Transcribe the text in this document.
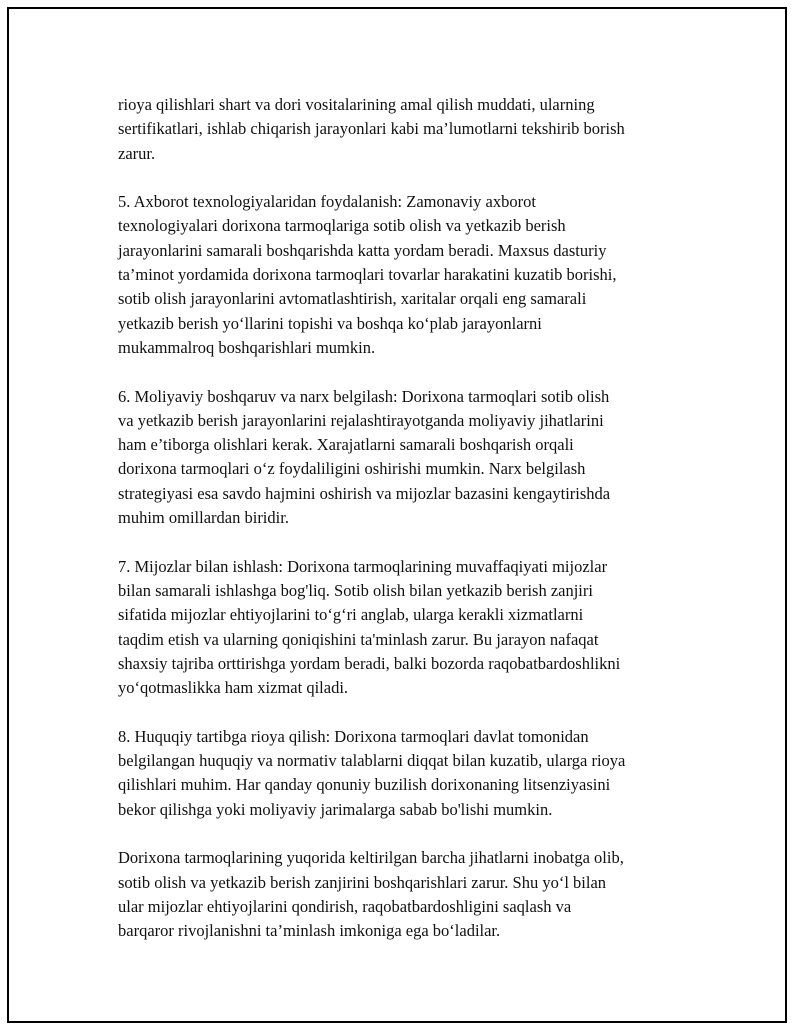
rioya qilishlari shart va dori vositalarining amal qilish muddati, ularning
sertifikatlari, ishlab chiqarish jarayonlari kabi ma’lumotlarni tekshirib borish
zarur.

5. Axborot texnologiyalaridan foydalanish: Zamonaviy axborot
texnologiyalari dorixona tarmoqlariga sotib olish va yetkazib berish
jarayonlarini samarali boshqarishda katta yordam beradi. Maxsus dasturiy
ta’minot yordamida dorixona tarmoqlari tovarlar harakatini kuzatib borishi,
sotib olish jarayonlarini avtomatlashtirish, xaritalar orqali eng samarali
yetkazib berish yoʻllarini topishi va boshqa koʻplab jarayonlarni
mukammalroq boshqarishlari mumkin.

6. Moliyaviy boshqaruv va narx belgilash: Dorixona tarmoqlari sotib olish
va yetkazib berish jarayonlarini rejalashtirayotganda moliyaviy jihatlarini
ham e’tiborga olishlari kerak. Xarajatlarni samarali boshqarish orqali
dorixona tarmoqlari oʻz foydaliligini oshirishi mumkin. Narx belgilash
strategiyasi esa savdo hajmini oshirish va mijozlar bazasini kengaytirishda
muhim omillardan biridir.

7. Mijozlar bilan ishlash: Dorixona tarmoqlarining muvaffaqiyati mijozlar
bilan samarali ishlashga bog'liq. Sotib olish bilan yetkazib berish zanjiri
sifatida mijozlar ehtiyojlarini toʻgʻri anglab, ularga kerakli xizmatlarni
taqdim etish va ularning qoniqishini ta'minlash zarur. Bu jarayon nafaqat
shaxsiy tajriba orttirishga yordam beradi, balki bozorda raqobatbardoshlikni
yoʻqotmaslikka ham xizmat qiladi.

8. Huquqiy tartibga rioya qilish: Dorixona tarmoqlari davlat tomonidan
belgilangan huquqiy va normativ talablarni diqqat bilan kuzatib, ularga rioya
qilishlari muhim. Har qanday qonuniy buzilish dorixonaning litsenziyasini
bekor qilishga yoki moliyaviy jarimalarga sabab bo'lishi mumkin.

Dorixona tarmoqlarining yuqorida keltirilgan barcha jihatlarni inobatga olib,
sotib olish va yetkazib berish zanjirini boshqarishlari zarur. Shu yoʻl bilan
ular mijozlar ehtiyojlarini qondirish, raqobatbardoshligini saqlash va
barqaror rivojlanishni ta’minlash imkoniga ega boʻladilar.
